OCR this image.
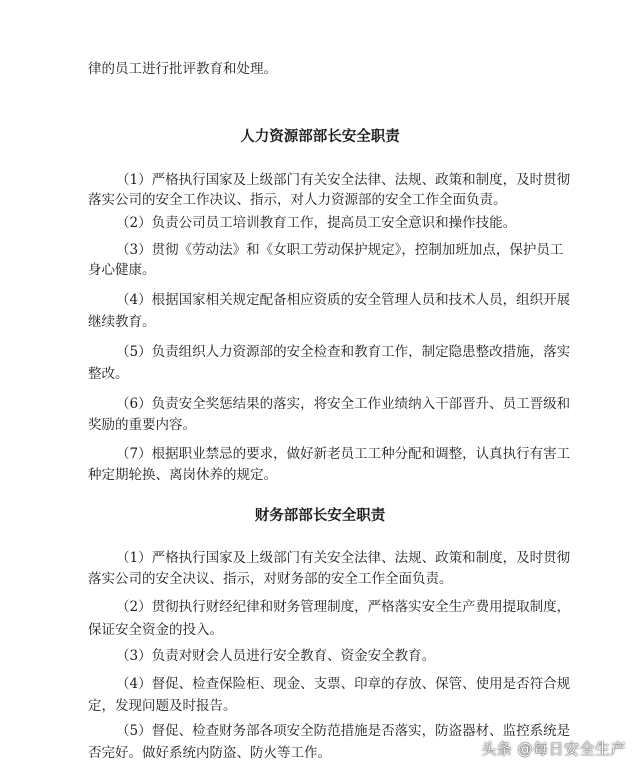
律的员工进行批评教育和处理。
人力资源部部长安全职责
（1）严格执行国家及上级部门有关安全法律、法规、政策和制度，及时贯彻
落实公司的安全工作决议、指示，对人力资源部的安全工作全面负责。
（2）负责公司员工培训教育工作，提高员工安全意识和操作技能。
（3）贯彻《劳动法》和《女职工劳动保护规定》，控制加班加点，保护员工
身心健康。
（4）根据国家相关规定配备相应资质的安全管理人员和技术人员，组织开展
继续教育。
（5）负责组织人力资源部的安全检查和教育工作，制定隐患整改措施，落实
整改。
（6）负责安全奖惩结果的落实，将安全工作业绩纳入干部晋升、员工晋级和
奖励的重要内容。
（7）根据职业禁忌的要求，做好新老员工工种分配和调整，认真执行有害工
种定期轮换、离岗休养的规定。
财务部部长安全职责
（1）严格执行国家及上级部门有关安全法律、法规、政策和制度，及时贯彻
落实公司的安全决议、指示，对财务部的安全工作全面负责。
（2）贯彻执行财经纪律和财务管理制度，严格落实安全生产费用提取制度，
保证安全资金的投入。
（3）负责对财会人员进行安全教育、资金安全教育。
（4）督促、检查保险柜、现金、支票、印章的存放、保管、使用是否符合规
定，发现问题及时报告。
（5）督促、检查财务部各项安全防范措施是否落实，防盗器材、监控系统是
否完好。做好系统内防盗、防火等工作。	头条 @每日安全生产
